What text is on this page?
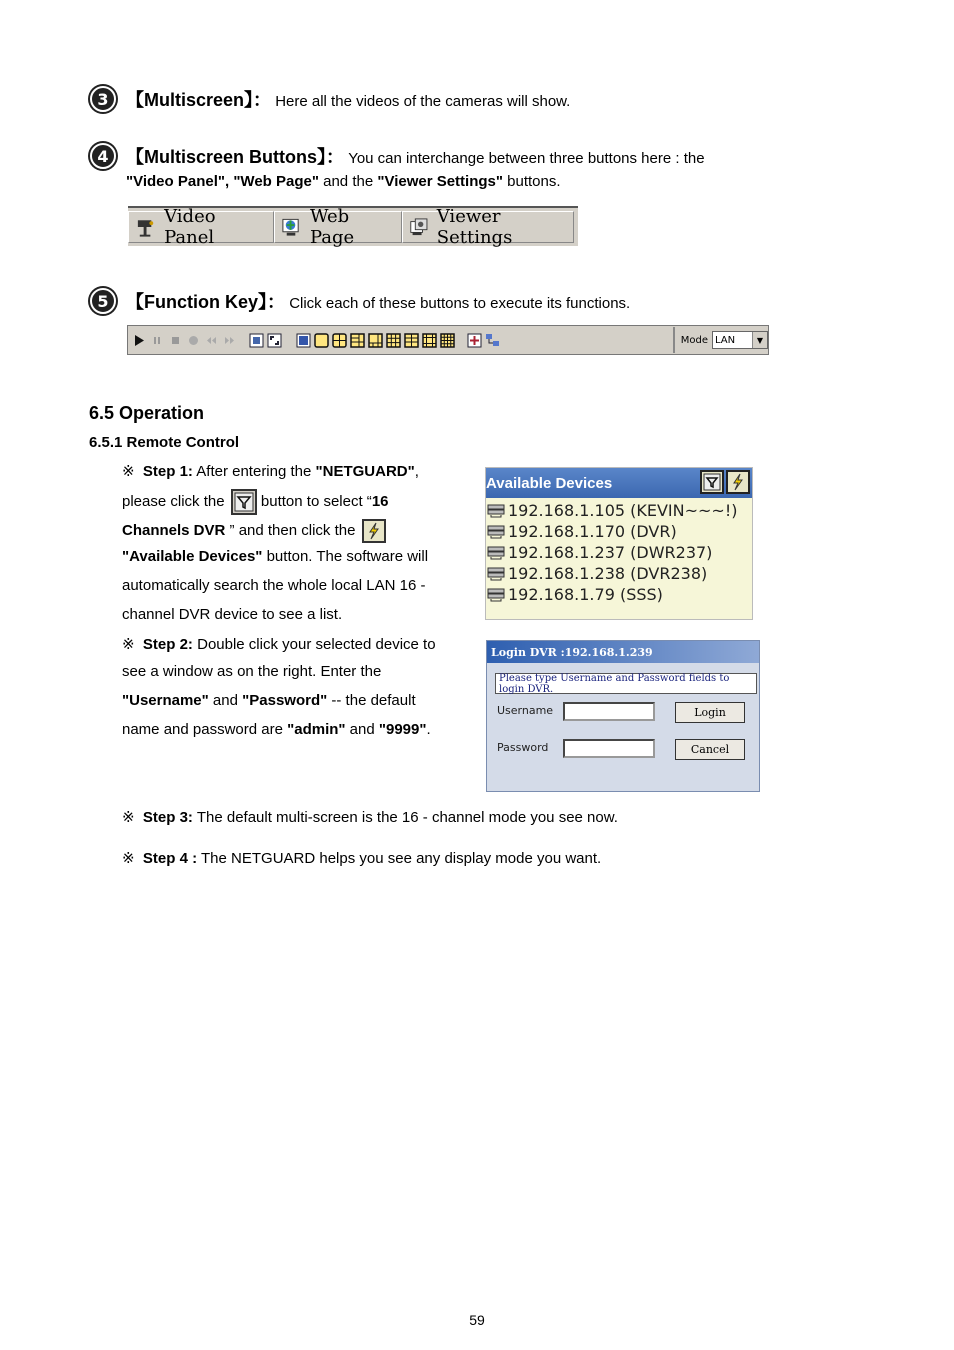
3 【Multiscreen】： Here all the videos of the cameras will show.
4 【Multiscreen Buttons】： You can interchange between three buttons here : the
"Video Panel", "Web Page" and the "Viewer Settings" buttons.
Video Panel
Web Page
Viewer Settings
5 【Function Key】： Click each of these buttons to execute its functions.
Mode LAN	▼
6.5 Operation
6.5.1 Remote Control
※ Step 1: After entering the "NETGUARD",
please click the button to select “16
Channels DVR ” and then click the
"Available Devices" button. The software will
automatically search the whole local LAN 16 -
channel DVR device to see a list.
※ Step 2: Double click your selected device to
see a window as on the right. Enter the
"Username" and "Password" -- the default
name and password are "admin" and "9999".
Available Devices
192.168.1.105 (KEVIN~~~!)
192.168.1.170 (DVR)
192.168.1.237 (DWR237)
192.168.1.238 (DVR238)
192.168.1.79 (SSS)
Login DVR :192.168.1.239
Please type Username and Password fields to login DVR.
Username	Login
Password	Cancel
※ Step 3: The default multi-screen is the 16 - channel mode you see now.
※ Step 4 : The NETGUARD helps you see any display mode you want.
59
